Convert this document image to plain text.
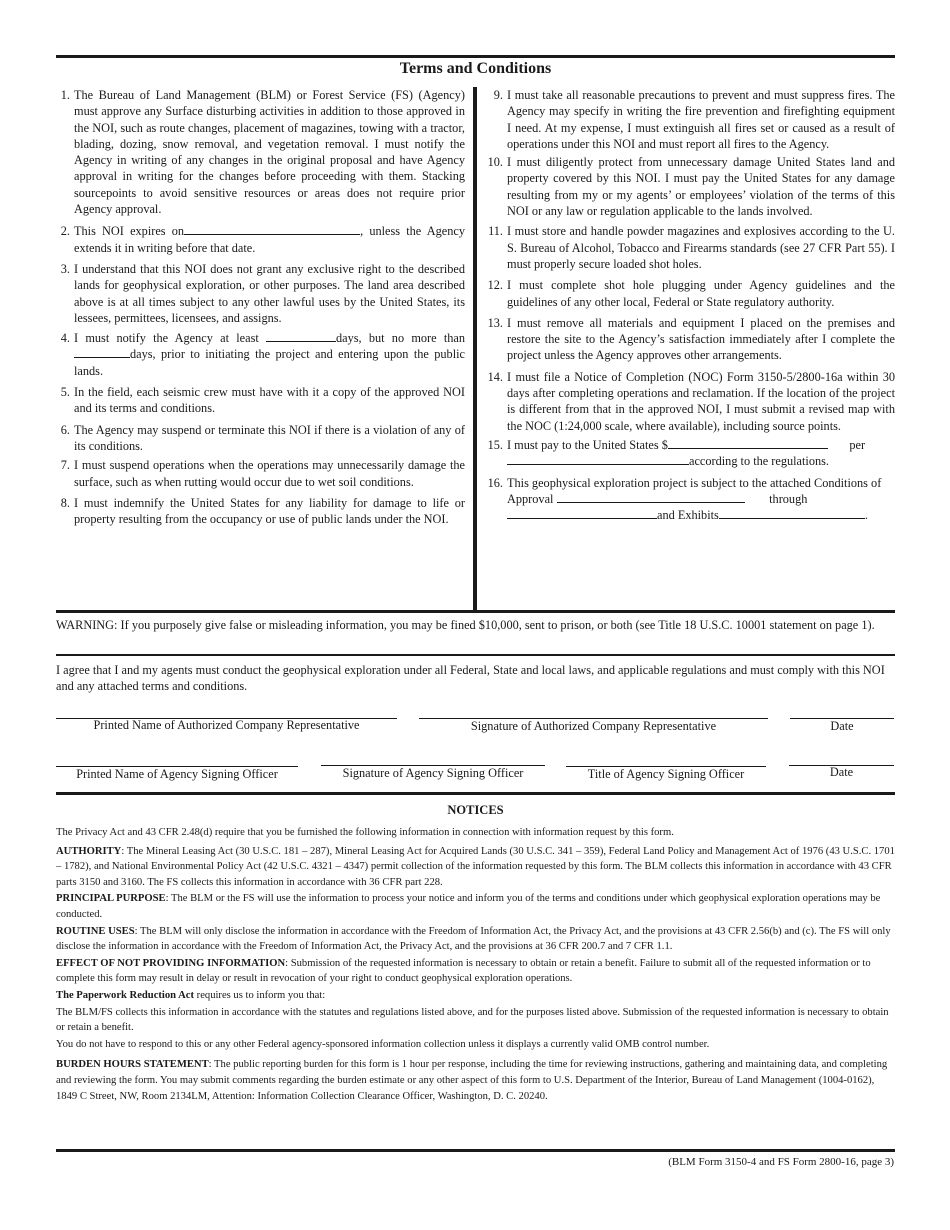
Terms and Conditions
1. The Bureau of Land Management (BLM) or Forest Service (FS) (Agency) must approve any Surface disturbing activities in addition to those approved in the NOI, such as route changes, placement of magazines, towing with a tractor, blading, dozing, snow removal, and vegetation removal. I must notify the Agency in writing of any changes in the original proposal and have Agency approval in writing for the changes before proceeding with them. Stacking sourcepoints to avoid sensitive resources or areas does not require prior Agency approval.
2. This NOI expires on	, unless the Agency extends it in writing before that date.
3. I understand that this NOI does not grant any exclusive right to the described lands for geophysical exploration, or other purposes. The land area described above is at all times subject to any other lawful uses by the United States, its lessees, permittees, licensees, and assigns.
4. I must notify the Agency at least	days, but no more than days, prior to initiating the project and entering upon the public lands.
5. In the field, each seismic crew must have with it a copy of the approved NOI and its terms and conditions.
6. The Agency may suspend or terminate this NOI if there is a violation of any of its conditions.
7. I must suspend operations when the operations may unnecessarily damage the surface, such as when rutting would occur due to wet soil conditions.
8. I must indemnify the United States for any liability for damage to life or property resulting from the occupancy or use of public lands under the NOI.
9. I must take all reasonable precautions to prevent and must suppress fires. The Agency may specify in writing the fire prevention and firefighting equipment I need. At my expense, I must extinguish all fires set or caused as a result of operations under this NOI and must report all fires to the Agency.
10. I must diligently protect from unnecessary damage United States land and property covered by this NOI. I must pay the United States for any damage resulting from my or my agents’ or employees’ violation of the terms of this NOI or any law or regulation applicable to the lands involved.
11. I must store and handle powder magazines and explosives according to the U. S. Bureau of Alcohol, Tobacco and Firearms standards (see 27 CFR Part 55). I must properly secure loaded shot holes.
12. I must complete shot hole plugging under Agency guidelines and the guidelines of any other local, Federal or State regulatory authority.
13. I must remove all materials and equipment I placed on the premises and restore the site to the Agency’s satisfaction immediately after I complete the project unless the Agency approves other arrangements.
14. I must file a Notice of Completion (NOC) Form 3150-5/2800-16a within 30 days after completing operations and reclamation. If the location of the project is different from that in the approved NOI, I must submit a revised map with the NOC (1:24,000 scale, where available), including source points.
15. I must pay to the United States $	per
according to the regulations.
16. This geophysical exploration project is subject to the attached Conditions of Approval	through
and Exhibits	.
WARNING: If you purposely give false or misleading information, you may be fined $10,000, sent to prison, or both (see Title 18 U.S.C. 10001 statement on page 1).
I agree that I and my agents must conduct the geophysical exploration under all Federal, State and local laws, and applicable regulations and must comply with this NOI and any attached terms and conditions.
Printed Name of Authorized Company Representative	Signature of Authorized Company Representative	Date
Printed Name of Agency Signing Officer	Signature of Agency Signing Officer	Title of Agency Signing Officer	Date
NOTICES

The Privacy Act and 43 CFR 2.48(d) require that you be furnished the following information in connection with information request by this form.

AUTHORITY: The Mineral Leasing Act (30 U.S.C. 181 – 287), Mineral Leasing Act for Acquired Lands (30 U.S.C. 341 – 359), Federal Land Policy and Management Act of 1976 (43 U.S.C. 1701 – 1782), and National Environmental Policy Act (42 U.S.C. 4321 – 4347) permit collection of the information requested by this form. The BLM collects this information in accordance with 43 CFR parts 3150 and 3160. The FS collects this information in accordance with 36 CFR part 228.

PRINCIPAL PURPOSE: The BLM or the FS will use the information to process your notice and inform you of the terms and conditions under which geophysical exploration operations may be conducted.

ROUTINE USES: The BLM will only disclose the information in accordance with the Freedom of Information Act, the Privacy Act, and the provisions at 43 CFR 2.56(b) and (c). The FS will only disclose the information in accordance with the Freedom of Information Act, the Privacy Act, and the provisions at 36 CFR 200.7 and 7 CFR 1.1.

EFFECT OF NOT PROVIDING INFORMATION: Submission of the requested information is necessary to obtain or retain a benefit. Failure to submit all of the requested information or to complete this form may result in delay or result in revocation of your right to conduct geophysical exploration operations.

The Paperwork Reduction Act requires us to inform you that:

The BLM/FS collects this information in accordance with the statutes and regulations listed above, and for the purposes listed above. Submission of the requested information is necessary to obtain or retain a benefit.

You do not have to respond to this or any other Federal agency-sponsored information collection unless it displays a currently valid OMB control number.

BURDEN HOURS STATEMENT: The public reporting burden for this form is 1 hour per response, including the time for reviewing instructions, gathering and maintaining data, and completing and reviewing the form. You may submit comments regarding the burden estimate or any other aspect of this form to U.S. Department of the Interior, Bureau of Land Management (1004-0162), 1849 C Street, NW, Room 2134LM, Attention: Information Collection Clearance Officer, Washington, D. C. 20240.

(BLM Form 3150-4 and FS Form 2800-16, page 3)
